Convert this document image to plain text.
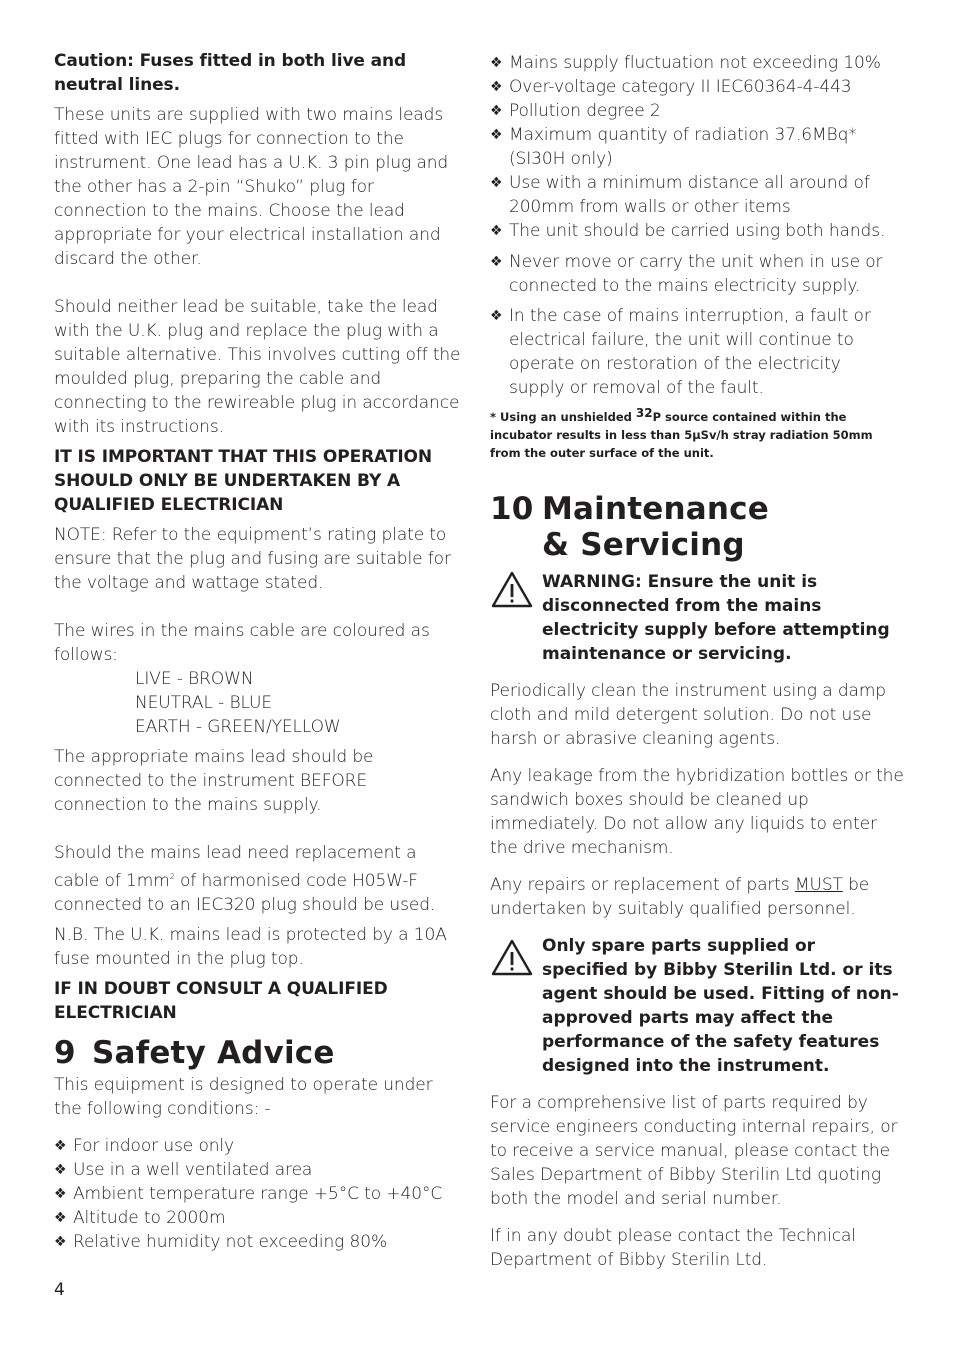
Caution: Fuses fitted in both live and neutral lines.

These units are supplied with two mains leads fitted with IEC plugs for connection to the instrument. One lead has a U.K. 3 pin plug and the other has a 2-pin “Shuko” plug for connection to the mains. Choose the lead appropriate for your electrical installation and discard the other.

Should neither lead be suitable, take the lead with the U.K. plug and replace the plug with a suitable alternative. This involves cutting off the moulded plug, preparing the cable and connecting to the rewireable plug in accordance with its instructions.

IT IS IMPORTANT THAT THIS OPERATION SHOULD ONLY BE UNDERTAKEN BY A QUALIFIED ELECTRICIAN

NOTE: Refer to the equipment’s rating plate to ensure that the plug and fusing are suitable for the voltage and wattage stated.

The wires in the mains cable are coloured as follows:

LIVE - BROWN
NEUTRAL - BLUE
EARTH - GREEN/YELLOW

The appropriate mains lead should be connected to the instrument BEFORE connection to the mains supply.

Should the mains lead need replacement a cable of $1mm^2$ of harmonised code H05W-F connected to an IEC320 plug should be used.

N.B. The U.K. mains lead is protected by a 10A fuse mounted in the plug top.

IF IN DOUBT CONSULT A QUALIFIED ELECTRICIAN

9 Safety Advice

This equipment is designed to operate under the following conditions: -

❖ For indoor use only
❖ Use in a well ventilated area
❖ Ambient temperature range +5°C to +40°C
❖ Altitude to 2000m
❖ Relative humidity not exceeding 80%
❖ Mains supply fluctuation not exceeding 10%
❖ Over-voltage category II IEC60364-4-443
❖ Pollution degree 2
❖ Maximum quantity of radiation 37.6MBq* (SI30H only)
❖ Use with a minimum distance all around of 200mm from walls or other items
❖ The unit should be carried using both hands.
❖ Never move or carry the unit when in use or connected to the mains electricity supply.
❖ In the case of mains interruption, a fault or electrical failure, the unit will continue to operate on restoration of the electricity supply or removal of the fault.

* Using an unshielded $^{32}$P source contained within the incubator results in less than 5μSv/h stray radiation 50mm from the outer surface of the unit.

10 Maintenance
& Servicing

WARNING: Ensure the unit is disconnected from the mains electricity supply before attempting maintenance or servicing.

Periodically clean the instrument using a damp cloth and mild detergent solution. Do not use harsh or abrasive cleaning agents.

Any leakage from the hybridization bottles or the sandwich boxes should be cleaned up immediately. Do not allow any liquids to enter the drive mechanism.

Any repairs or replacement of parts MUST be undertaken by suitably qualified personnel.

Only spare parts supplied or specified by Bibby Sterilin Ltd. or its agent should be used. Fitting of non-approved parts may affect the performance of the safety features designed into the instrument.

For a comprehensive list of parts required by service engineers conducting internal repairs, or to receive a service manual, please contact the Sales Department of Bibby Sterilin Ltd quoting both the model and serial number.

If in any doubt please contact the Technical Department of Bibby Sterilin Ltd.

4
